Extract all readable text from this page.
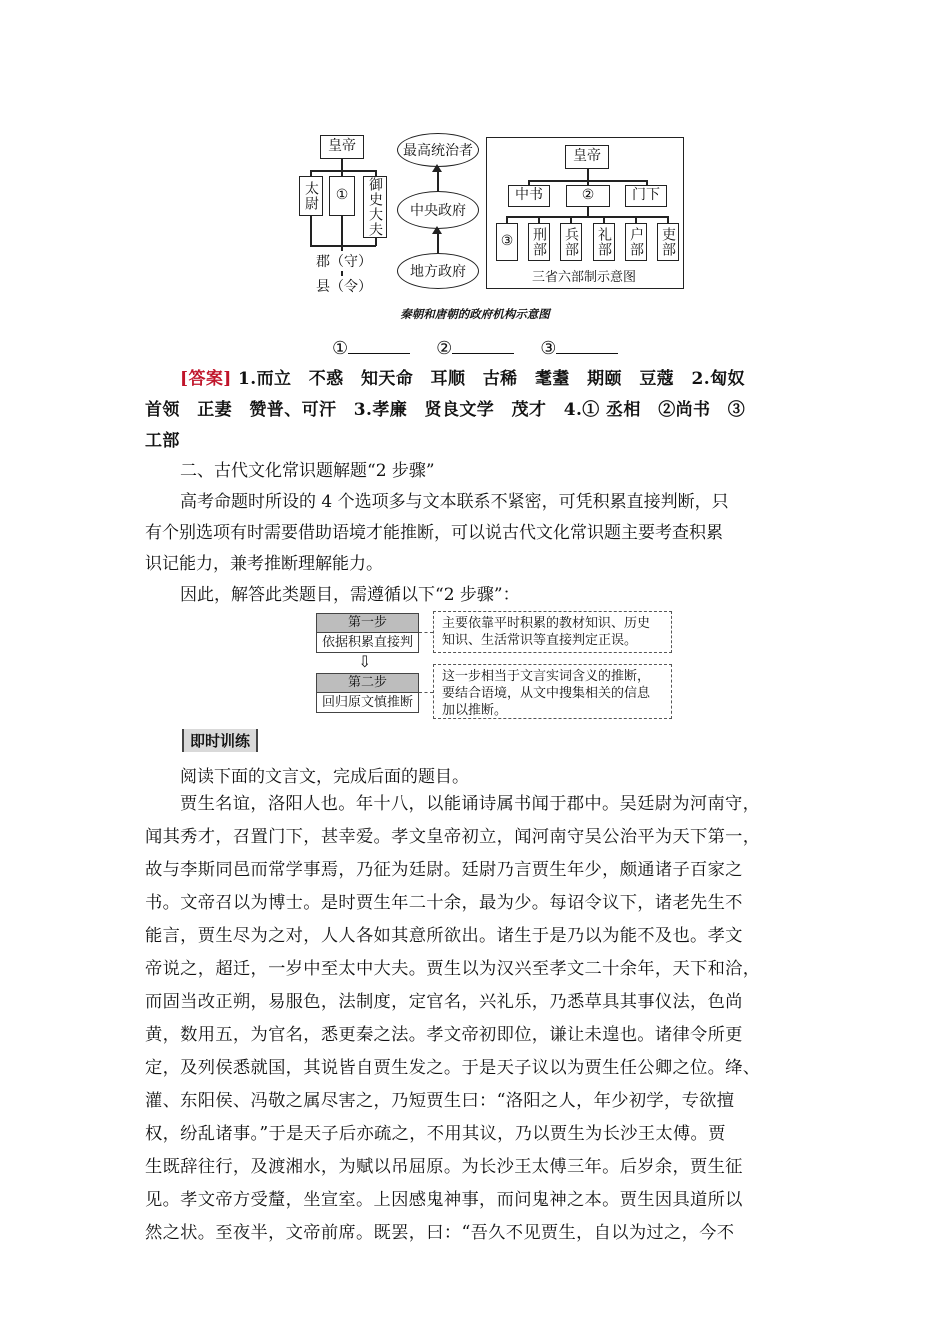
皇帝
太尉	①	御史大夫
郡（守）
县（令）
最高统治者
中央政府
地方政府
皇帝
中书	②	门下
③	刑部 兵部 礼部 户部 吏部
三省六部制示意图
秦朝和唐朝的政府机构示意图
①	②	③
[答案] 1.而立　不惑　知天命　耳顺　古稀　耄耋　期颐　豆蔻　2.匈奴
首领　正妻　赞普、可汗　3.孝廉　贤良文学　茂才　4.① 丞相　②尚书　③
工部
二、古代文化常识题解题“2 步骤”
高考命题时所设的 4 个选项多与文本联系不紧密，可凭积累直接判断，只
有个别选项有时需要借助语境才能推断，可以说古代文化常识题主要考查积累
识记能力，兼考推断理解能力。
因此，解答此类题目，需遵循以下“2 步骤”：
第一步
依据积累直接判
主要依靠平时积累的教材知识、历史
知识、生活常识等直接判定正误。
⇩
第二步
回归原文慎推断
这一步相当于文言实词含义的推断，
要结合语境，从文中搜集相关的信息
加以推断。
即时训练
阅读下面的文言文，完成后面的题目。

贾生名谊，洛阳人也。年十八，以能诵诗属书闻于郡中。吴廷尉为河南守，

闻其秀才，召置门下，甚幸爱。孝文皇帝初立，闻河南守吴公治平为天下第一，

故与李斯同邑而常学事焉，乃征为廷尉。廷尉乃言贾生年少，颇通诸子百家之

书。文帝召以为博士。是时贾生年二十余，最为少。每诏令议下，诸老先生不

能言，贾生尽为之对，人人各如其意所欲出。诸生于是乃以为能不及也。孝文

帝说之，超迁，一岁中至太中大夫。贾生以为汉兴至孝文二十余年，天下和洽，

而固当改正朔，易服色，法制度，定官名，兴礼乐，乃悉草具其事仪法，色尚

黄，数用五，为官名，悉更秦之法。孝文帝初即位，谦让未遑也。诸律令所更

定，及列侯悉就国，其说皆自贾生发之。于是天子议以为贾生任公卿之位。绛、

灌、东阳侯、冯敬之属尽害之，乃短贾生曰：“洛阳之人，年少初学，专欲擅

权，纷乱诸事。”于是天子后亦疏之，不用其议，乃以贾生为长沙王太傅。贾

生既辞往行，及渡湘水，为赋以吊屈原。为长沙王太傅三年。后岁余，贾生征

见。孝文帝方受釐，坐宣室。上因感鬼神事，而问鬼神之本。贾生因具道所以

然之状。至夜半，文帝前席。既罢，曰：“吾久不见贾生，自以为过之，今不
